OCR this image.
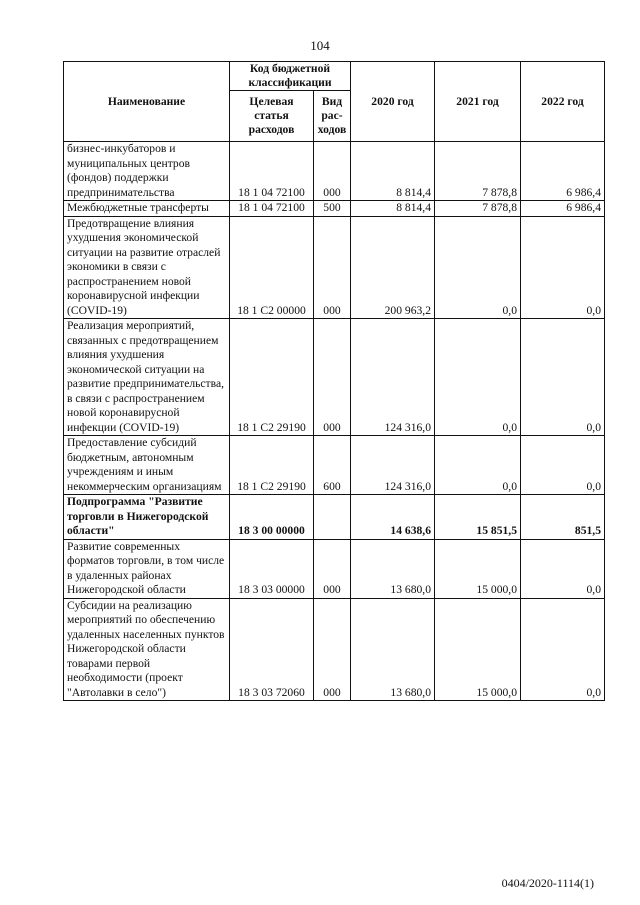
104
Наименование	Код бюджетной классификации		2020 год	2021 год	2022 год
	Целевая статья расходов	Вид рас-ходов			
бизнес-инкубаторов и муниципальных центров (фондов) поддержки предпринимательства	18 1 04 72100	000	8 814,4	7 878,8	6 986,4
Межбюджетные трансферты	18 1 04 72100	500	8 814,4	7 878,8	6 986,4
Предотвращение влияния ухудшения экономической ситуации на развитие отраслей экономики в связи с распространением новой коронавирусной инфекции (COVID-19)	18 1 С2 00000	000	200 963,2	0,0	0,0
Реализация мероприятий, связанных с предотвращением влияния ухудшения экономической ситуации на развитие предпринимательства, в связи с распространением новой коронавирусной инфекции (COVID-19)	18 1 С2 29190	000	124 316,0	0,0	0,0
Предоставление субсидий бюджетным, автономным учреждениям и иным некоммерческим организациям	18 1 С2 29190	600	124 316,0	0,0	0,0
Подпрограмма "Развитие торговли в Нижегородской области"	18 3 00 00000		14 638,6	15 851,5	851,5
Развитие современных форматов торговли, в том числе в удаленных районах Нижегородской области	18 3 03 00000	000	13 680,0	15 000,0	0,0
Субсидии на реализацию мероприятий по обеспечению удаленных населенных пунктов Нижегородской области товарами первой необходимости (проект "Автолавки в село")	18 3 03 72060	000	13 680,0	15 000,0	0,0
0404/2020-1114(1)
